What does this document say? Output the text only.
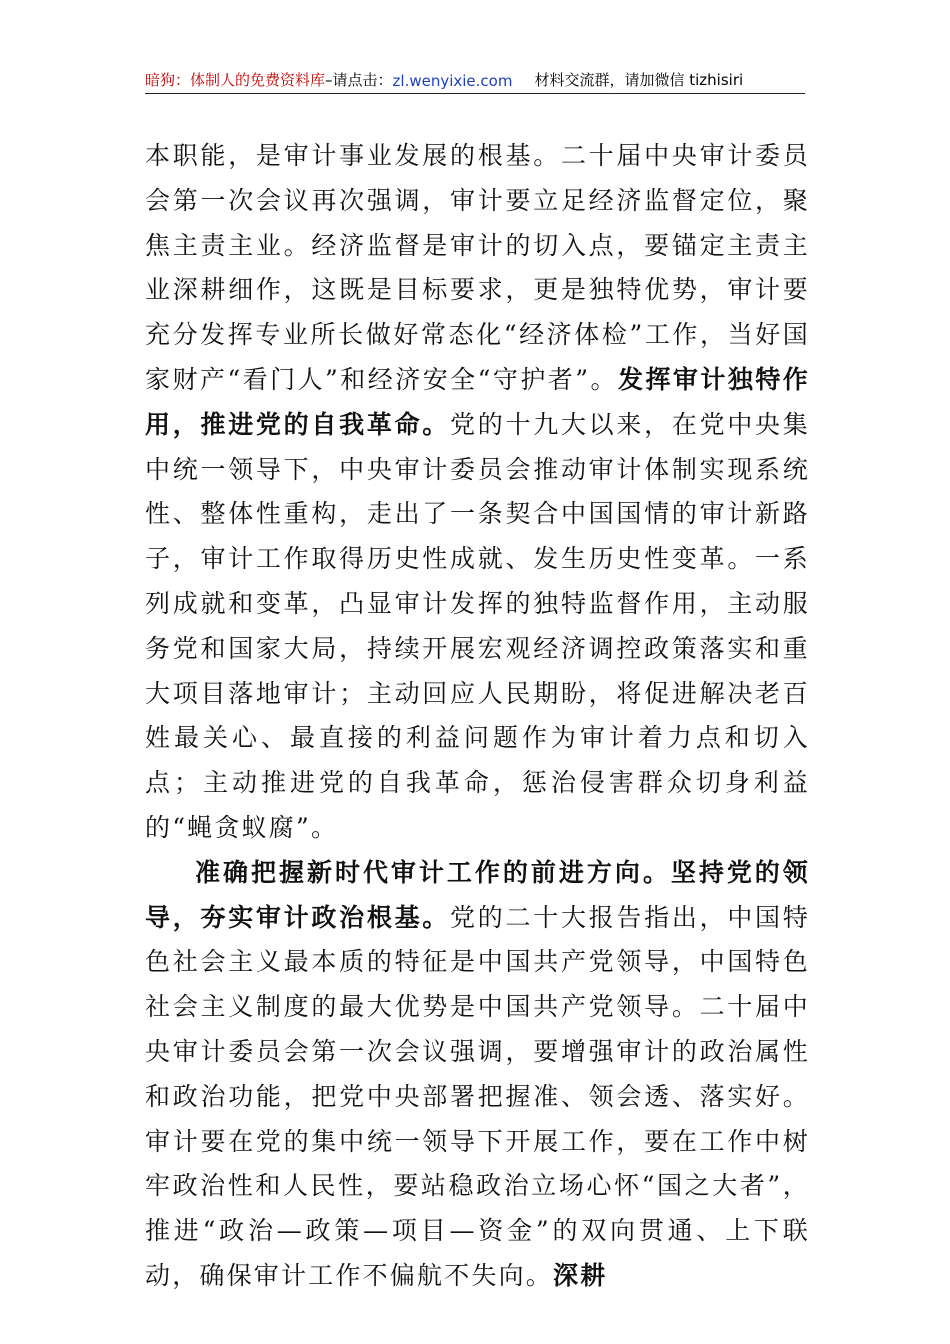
暗狗：体制人的免费资料库 –请点击： zl.wenyixie.com 材料交流群，请加微信 tizhisiri

本职能，是审计事业发展的根基。二十届中央审计委员会第一次会议再次强调，审计要立足经济监督定位，聚焦主责主业。经济监督是审计的切入点，要锚定主责主业深耕细作，这既是目标要求，更是独特优势，审计要充分发挥专业所长做好常态化“经济体检”工作，当好国家财产“看门人”和经济安全“守护者”。发挥审计独特作用，推进党的自我革命。党的十九大以来，在党中央集中统一领导下，中央审计委员会推动审计体制实现系统性、整体性重构，走出了一条契合中国国情的审计新路子，审计工作取得历史性成就、发生历史性变革。一系列成就和变革，凸显审计发挥的独特监督作用，主动服务党和国家大局，持续开展宏观经济调控政策落实和重大项目落地审计；主动回应人民期盼，将促进解决老百姓最关心、最直接的利益问题作为审计着力点和切入点；主动推进党的自我革命，惩治侵害群众切身利益的“蝇贪蚁腐”。

准确把握新时代审计工作的前进方向。坚持党的领导，夯实审计政治根基。党的二十大报告指出，中国特色社会主义最本质的特征是中国共产党领导，中国特色社会主义制度的最大优势是中国共产党领导。二十届中央审计委员会第一次会议强调，要增强审计的政治属性和政治功能，把党中央部署把握准、领会透、落实好。审计要在党的集中统一领导下开展工作，要在工作中树牢政治性和人民性，要站稳政治立场心怀“国之大者”，推进“政治—政策—项目—资金”的双向贯通、上下联动，确保审计工作不偏航不失向。深耕
